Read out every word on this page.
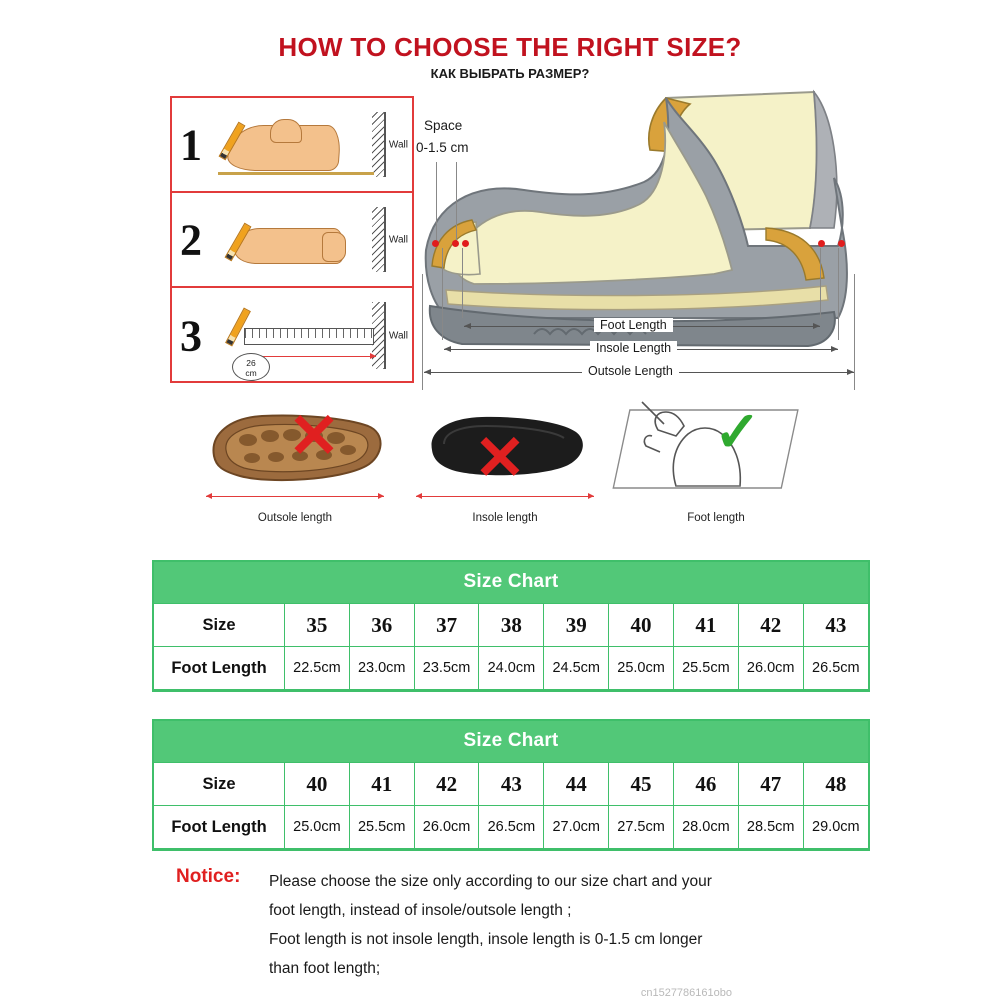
HOW TO CHOOSE THE RIGHT SIZE?
КАК ВЫБРАТЬ РАЗМЕР?
1	Wall
2	Wall
3	Wall
26
cm
Space
0-1.5 cm
Foot Length
Insole Length
Outsole Length
Outsole length
✕
Insole length
✕
Foot length
✓
Size Chart
Size	35	36	37	38	39	40	41	42	43
Foot Length	22.5cm	23.0cm	23.5cm	24.0cm	24.5cm	25.0cm	25.5cm	26.0cm	26.5cm
Size Chart
Size	40	41	42	43	44	45	46	47	48
Foot Length	25.0cm	25.5cm	26.0cm	26.5cm	27.0cm	27.5cm	28.0cm	28.5cm	29.0cm
Notice: Please choose the size only according to our size chart and your
foot length, instead of insole/outsole length ;
Foot length is not insole length, insole length is 0-1.5 cm longer
than foot length;
cn1527786161obo
